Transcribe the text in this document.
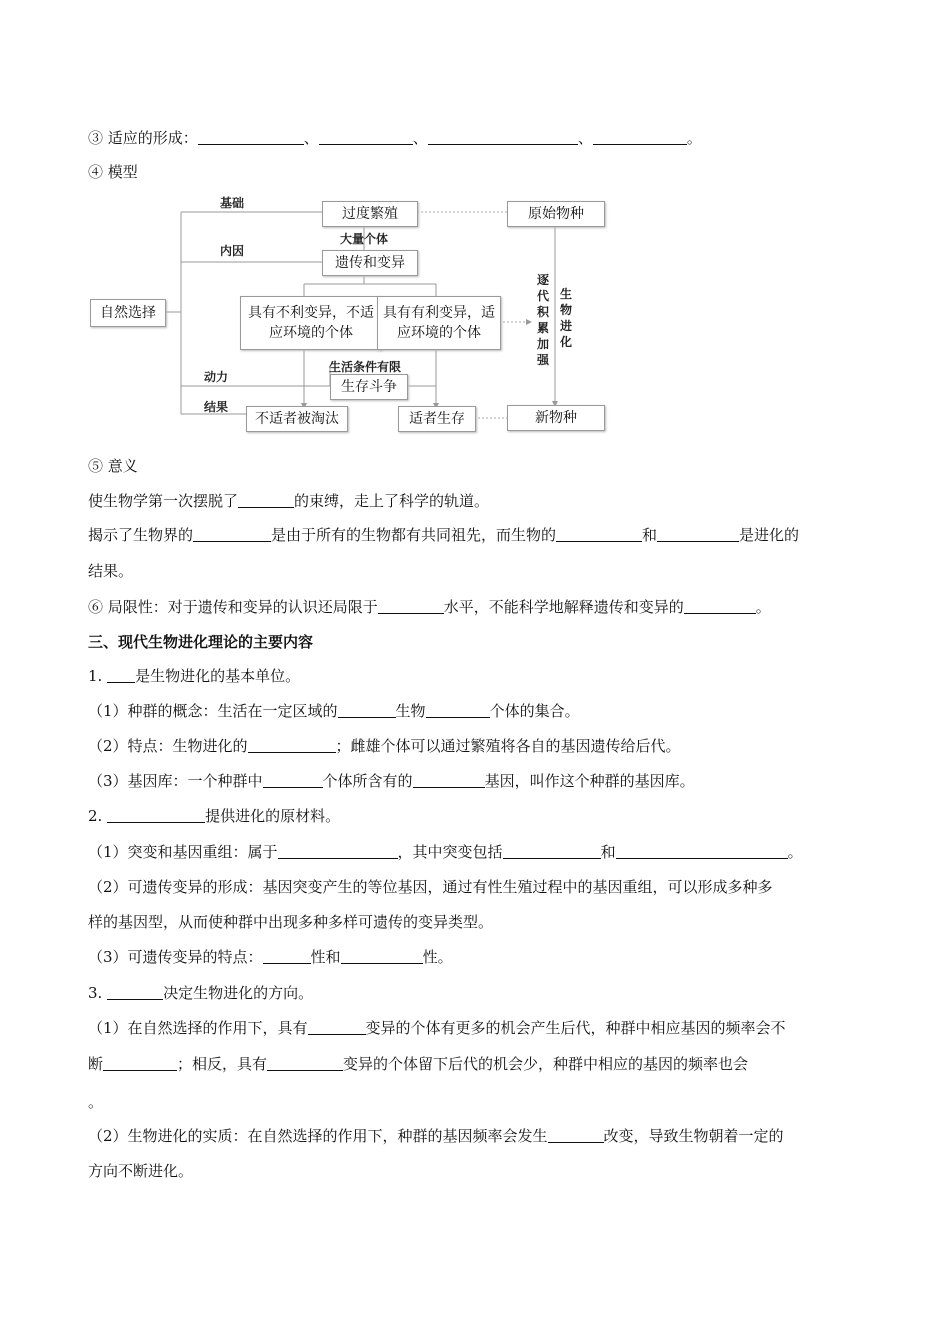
③ 适应的形成：	、	、	、	。
④ 模型
自然选择
过度繁殖	原始物种
遗传和变异
具有不利变异，不适应环境的个体
具有有利变异，适应环境的个体
生存斗争
不适者被淘汰	适者生存	新物种
基础
内因
大量个体
生活条件有限
动力
结果
逐代积累加强
生物进化
⑤ 意义
使生物学第一次摆脱了	的束缚，走上了科学的轨道。
揭示了生物界的	是由于所有的生物都有共同祖先，而生物的	和	是进化的
结果。
⑥ 局限性：对于遗传和变异的认识还局限于	水平，不能科学地解释遗传和变异的	。
三、现代生物进化理论的主要内容
1. 是生物进化的基本单位。
（1）种群的概念：生活在一定区域的	生物	个体的集合。
（2）特点：生物进化的	；雌雄个体可以通过繁殖将各自的基因遗传给后代。
（3）基因库：一个种群中	个体所含有的	基因，叫作这个种群的基因库。
2.	提供进化的原材料。
（1）突变和基因重组：属于	，其中突变包括	和	。
（2）可遗传变异的形成：基因突变产生的等位基因，通过有性生殖过程中的基因重组，可以形成多种多
样的基因型，从而使种群中出现多种多样可遗传的变异类型。
（3）可遗传变异的特点：	性和	性。
3.	决定生物进化的方向。
（1）在自然选择的作用下，具有	变异的个体有更多的机会产生后代，种群中相应基因的频率会不
断	；相反，具有	变异的个体留下后代的机会少，种群中相应的基因的频率也会
。
（2）生物进化的实质：在自然选择的作用下，种群的基因频率会发生	改变，导致生物朝着一定的
方向不断进化。
